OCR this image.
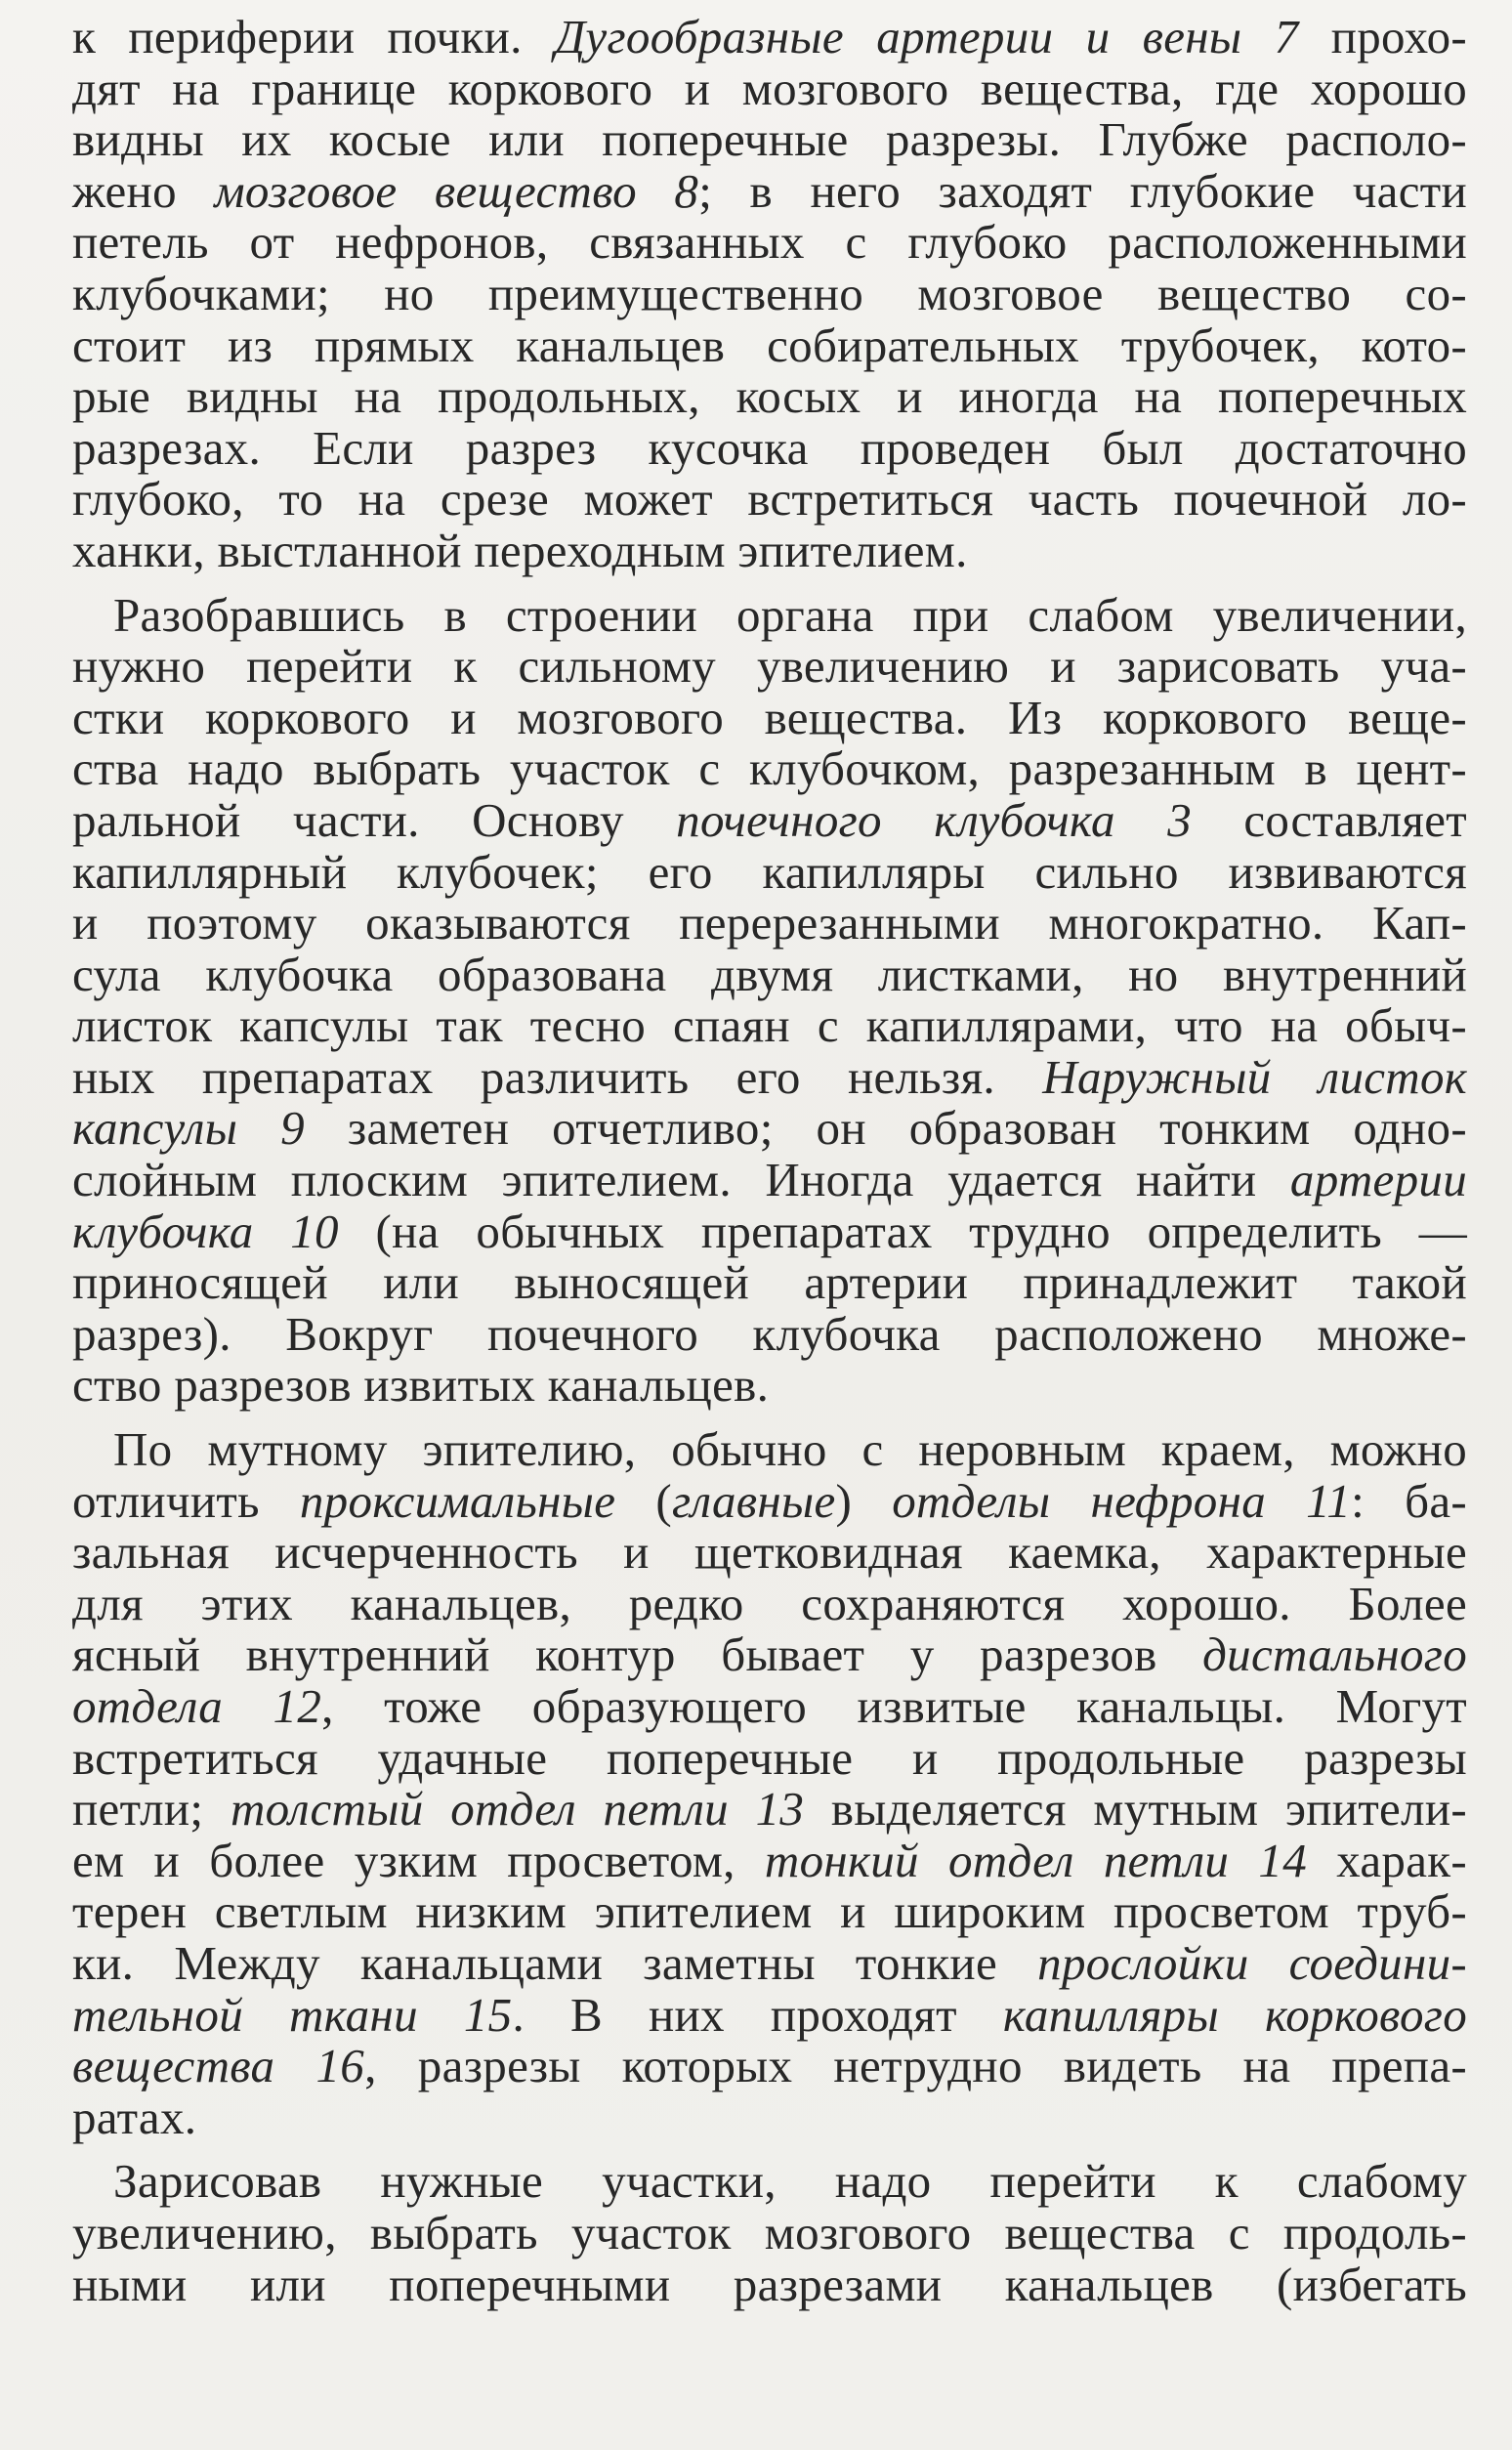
к периферии почки. Дугообразные артерии и вены 7 прохо-
дят на границе коркового и мозгового вещества, где хорошо
видны их косые или поперечные разрезы. Глубже располо-
жено мозговое вещество 8; в него заходят глубокие части
петель от нефронов, связанных с глубоко расположенными
клубочками; но преимущественно мозговое вещество со-
стоит из прямых канальцев собирательных трубочек, кото-
рые видны на продольных, косых и иногда на поперечных
разрезах. Если разрез кусочка проведен был достаточно
глубоко, то на срезе может встретиться часть почечной ло-
ханки, выстланной переходным эпителием.
Разобравшись в строении органа при слабом увеличении,
нужно перейти к сильному увеличению и зарисовать уча-
стки коркового и мозгового вещества. Из коркового веще-
ства надо выбрать участок с клубочком, разрезанным в цент-
ральной части. Основу почечного клубочка 3 составляет
капиллярный клубочек; его капилляры сильно извиваются
и поэтому оказываются перерезанными многократно. Кап-
сула клубочка образована двумя листками, но внутренний
листок капсулы так тесно спаян с капиллярами, что на обыч-
ных препаратах различить его нельзя. Наружный листок
капсулы 9 заметен отчетливо; он образован тонким одно-
слойным плоским эпителием. Иногда удается найти артерии
клубочка 10 (на обычных препаратах трудно определить —
приносящей или выносящей артерии принадлежит такой
разрез). Вокруг почечного клубочка расположено множе-
ство разрезов извитых канальцев.
По мутному эпителию, обычно с неровным краем, можно
отличить проксимальные (главные) отделы нефрона 11: ба-
зальная исчерченность и щетковидная каемка, характерные
для этих канальцев, редко сохраняются хорошо. Более
ясный внутренний контур бывает у разрезов дистального
отдела 12, тоже образующего извитые канальцы. Могут
встретиться удачные поперечные и продольные разрезы
петли; толстый отдел петли 13 выделяется мутным эпители-
ем и более узким просветом, тонкий отдел петли 14 харак-
терен светлым низким эпителием и широким просветом труб-
ки. Между канальцами заметны тонкие прослойки соедини-
тельной ткани 15. В них проходят капилляры коркового
вещества 16, разрезы которых нетрудно видеть на препа-
ратах.
Зарисовав нужные участки, надо перейти к слабому
увеличению, выбрать участок мозгового вещества с продоль-
ными или поперечными разрезами канальцев (избегать
